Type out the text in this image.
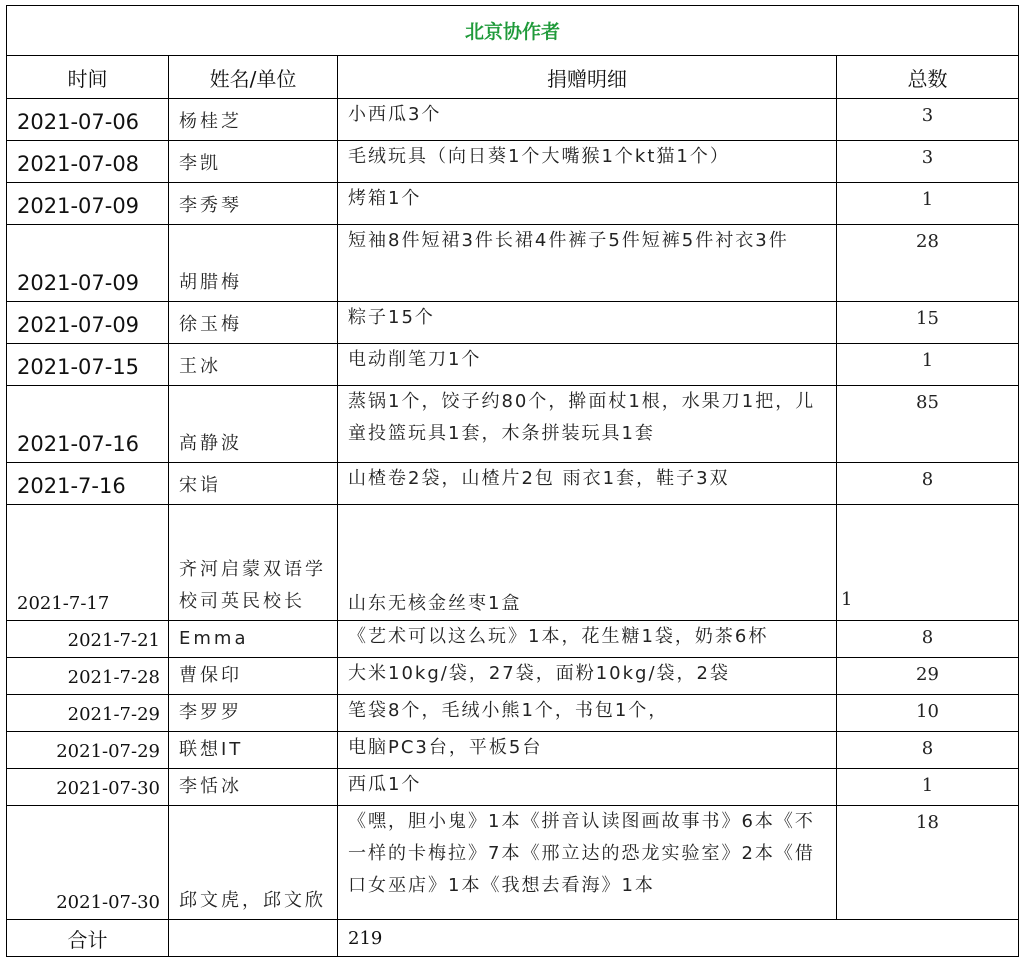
北京协作者			
时间	姓名/单位	捐赠明细	总数
2021-07-06	杨桂芝	小西瓜3个	3
2021-07-08	李凯	毛绒玩具（向日葵1个大嘴猴1个kt猫1个）	3
2021-07-09	李秀琴	烤箱1个	1
2021-07-09	胡腊梅	短袖8件短裙3件长裙4件裤子5件短裤5件衬衣3件	28
2021-07-09	徐玉梅	粽子15个	15
2021-07-15	王冰	电动削笔刀1个	1
2021-07-16	高静波	蒸锅1个，饺子约80个，擀面杖1根，水果刀1把，儿童投篮玩具1套，木条拼装玩具1套	85
2021-7-16	宋诣	山楂卷2袋，山楂片2包 雨衣1套，鞋子3双	8
2021-7-17	齐河启蒙双语学校司英民校长	山东无核金丝枣1盒	1
2021-7-21	Emma	《艺术可以这么玩》1本，花生糖1袋，奶茶6杯	8
2021-7-28	曹保印	大米10kg/袋，27袋，面粉10kg/袋，2袋	29
2021-7-29	李罗罗	笔袋8个，毛绒小熊1个，书包1个，	10
2021-07-29	联想IT	电脑PC3台，平板5台	8
2021-07-30	李恬冰	西瓜1个	1
2021-07-30	邱文虎，邱文欣	《嘿，胆小鬼》1本《拼音认读图画故事书》6本《不一样的卡梅拉》7本《邢立达的恐龙实验室》2本《借口女巫店》1本《我想去看海》1本	18
合计		219	
